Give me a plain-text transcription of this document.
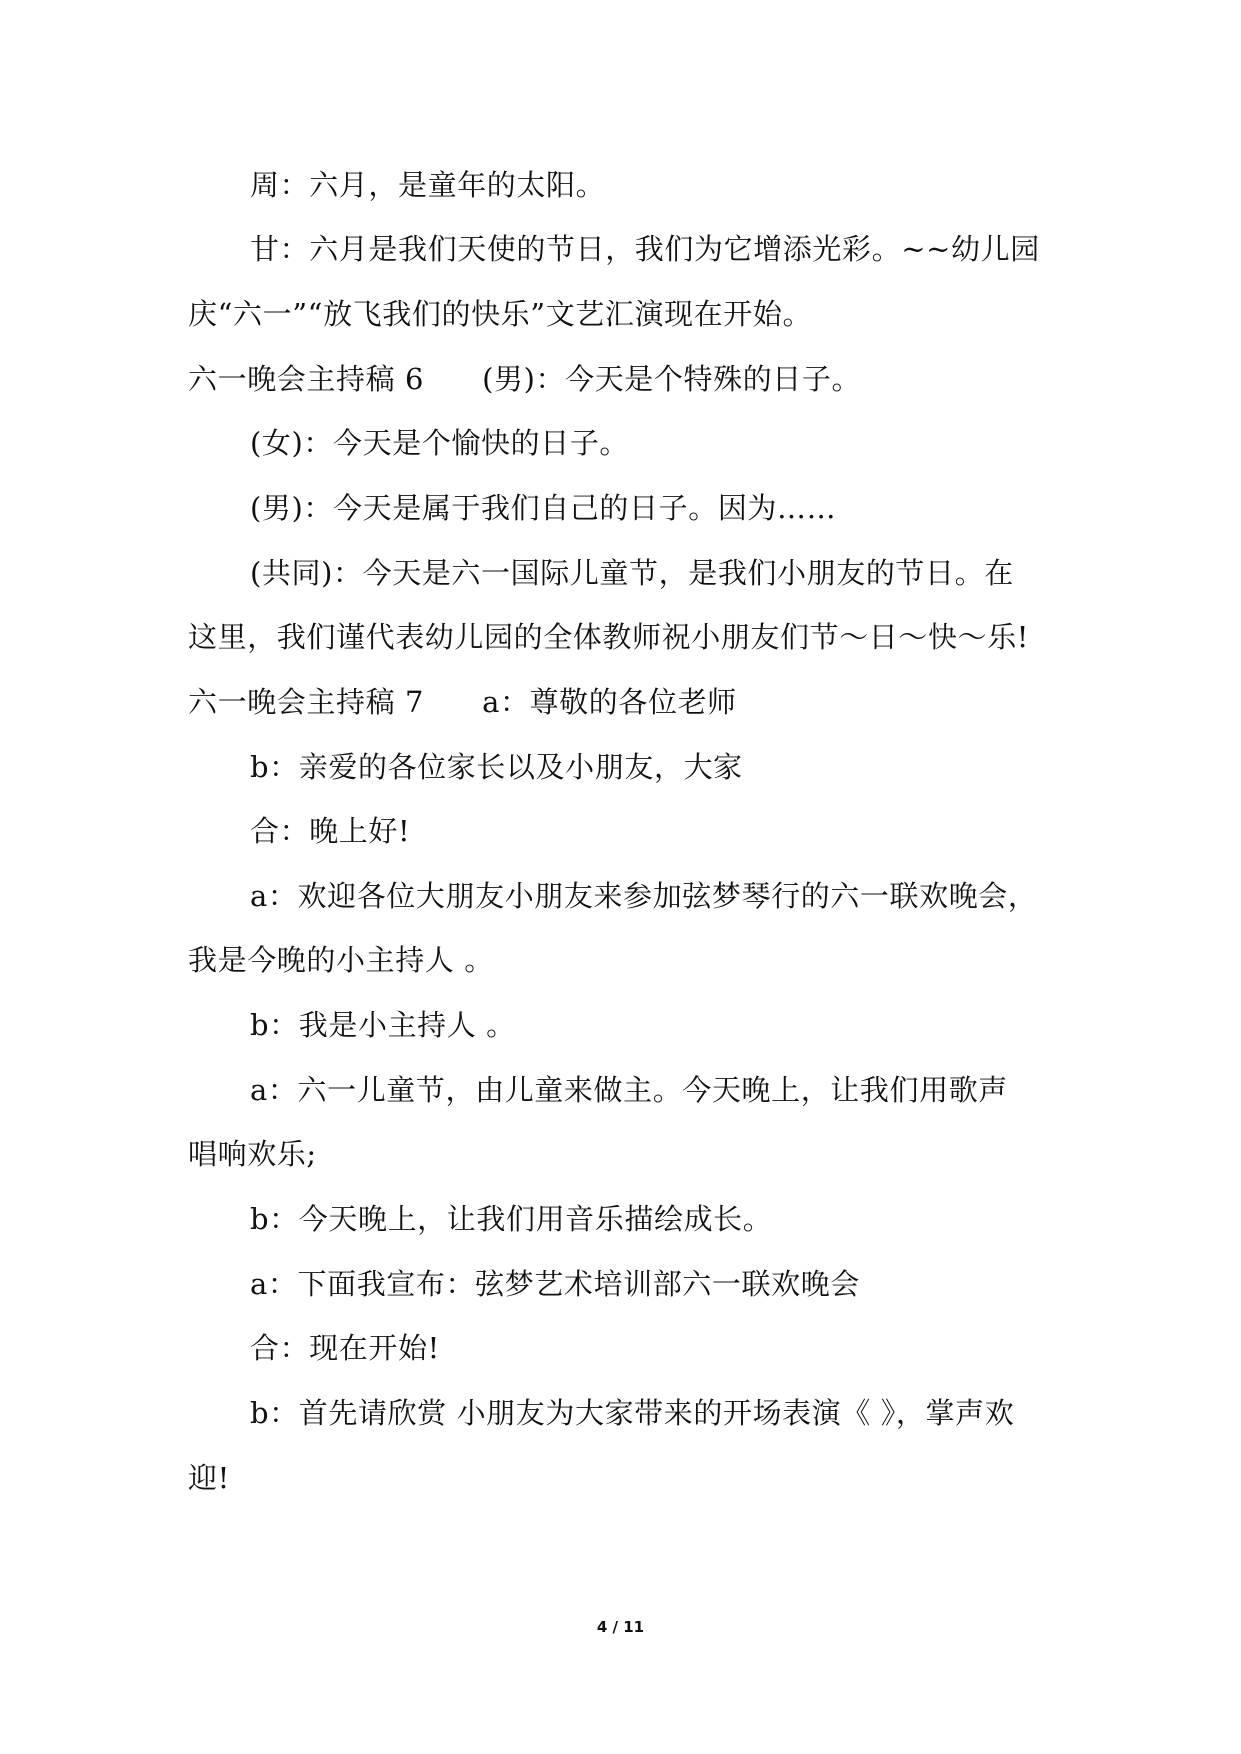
周：六月，是童年的太阳。
甘：六月是我们天使的节日，我们为它增添光彩。~~幼儿园
庆“六一”“放飞我们的快乐”文艺汇演现在开始。
六一晚会主持稿 6 (男)：今天是个特殊的日子。
(女)：今天是个愉快的日子。
(男)：今天是属于我们自己的日子。因为……
(共同)：今天是六一国际儿童节，是我们小朋友的节日。在
这里，我们谨代表幼儿园的全体教师祝小朋友们节～日～快～乐!
六一晚会主持稿 7 a：尊敬的各位老师
b：亲爱的各位家长以及小朋友，大家
合：晚上好!
a：欢迎各位大朋友小朋友来参加弦梦琴行的六一联欢晚会，
我是今晚的小主持人 。
b：我是小主持人 。
a：六一儿童节，由儿童来做主。今天晚上，让我们用歌声
唱响欢乐;
b：今天晚上，让我们用音乐描绘成长。
a：下面我宣布：弦梦艺术培训部六一联欢晚会
合：现在开始!
b：首先请欣赏 小朋友为大家带来的开场表演《 》，掌声欢
迎!
4 / 11
